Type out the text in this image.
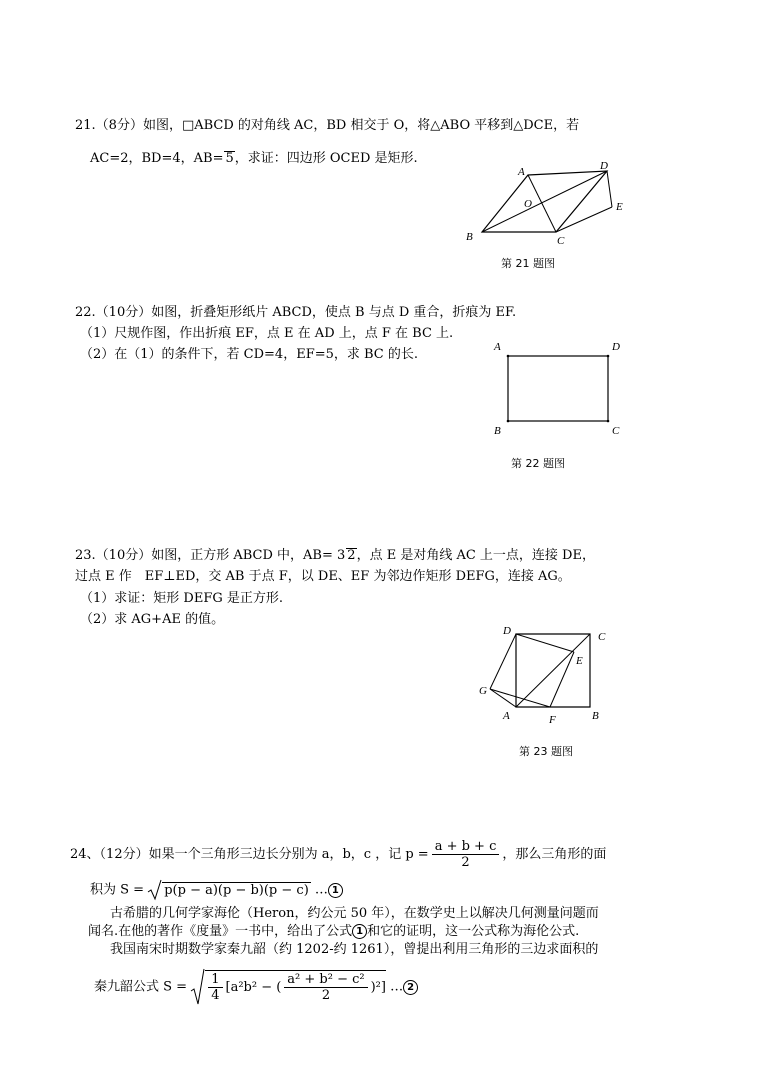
21.（8分）如图，□ABCD 的对角线 AC，BD 相交于 O，将△ABO 平移到△DCE，若
AC=2，BD=4，AB= 5，求证：四边形 OCED 是矩形.
A	D
O	E
B	C
第 21 题图
22.（10分）如图，折叠矩形纸片 ABCD，使点 B 与点 D 重合，折痕为 EF.
（1）尺规作图，作出折痕 EF，点 E 在 AD 上，点 F 在 BC 上.
（2）在（1）的条件下，若 CD=4，EF=5，求 BC 的长.	A	D
B	C
第 22 题图
23.（10分）如图，正方形 ABCD 中，AB= 3 2，点 E 是对角线 AC 上一点，连接 DE，
过点 E 作　EF⊥ED，交 AB 于点 F，以 DE、EF 为邻边作矩形 DEFG，连接 AG。
（1）求证：矩形 DEFG 是正方形.
（2）求 AG+AE 的值。
D	C
E
G
A	F	B
第 23 题图
24、（12分）如果一个三角形三边长分别为 a，b，c ，记 $p = \frac{a + b + c}{2}$ ，那么三角形的面
积为 S = p(p − a)(p − b)(p − c) … 1
古希腊的几何学家海伦（Heron，约公元 50 年），在数学史上以解决几何测量问题而
闻名.在他的著作《度量》一书中，给出了公式 1 和它的证明，这一公式称为海伦公式.
我国南宋时期数学家秦九韶（约 1202-约 1261），曾提出利用三角形的三边求面积的
秦九韶公式 $S = \frac{1}{4} [a^2b^2$ − ( $\frac{\text{a² + b² − c²}}{2} )^2$] … 2
